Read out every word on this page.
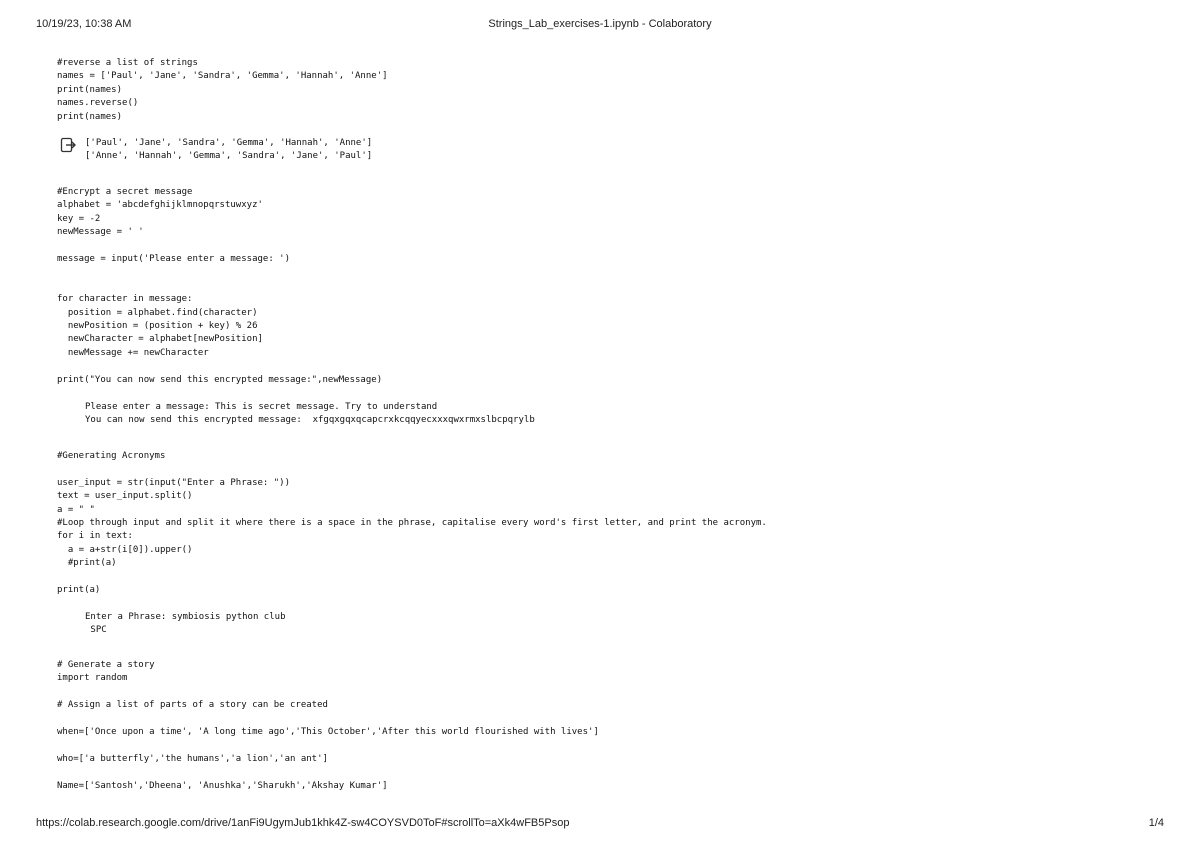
10/19/23, 10:38 AM	Strings_Lab_exercises-1.ipynb - Colaboratory
#reverse a list of strings
names = ['Paul', 'Jane', 'Sandra', 'Gemma', 'Hannah', 'Anne']
print(names)
names.reverse()
print(names)
['Paul', 'Jane', 'Sandra', 'Gemma', 'Hannah', 'Anne']
['Anne', 'Hannah', 'Gemma', 'Sandra', 'Jane', 'Paul']
#Encrypt a secret message
alphabet = 'abcdefghijklmnopqrstuwxyz'
key = -2
newMessage = ' '

message = input('Please enter a message: ')

for character in message:
position = alphabet.find(character)
newPosition = (position + key) % 26
newCharacter = alphabet[newPosition]
newMessage += newCharacter

print("You can now send this encrypted message:",newMessage)
Please enter a message: This is secret message. Try to understand
You can now send this encrypted message:  xfgqxgqxqcapcrxkcqqyecxxxqwxrmxslbcpqrylb
#Generating Acronyms

user_input = str(input("Enter a Phrase: "))
text = user_input.split()
a = " "
#Loop through input and split it where there is a space in the phrase, capitalise every word's first letter, and print the acronym.
for i in text:
a = a+str(i[0]).upper()
#print(a)

print(a)
Enter a Phrase: symbiosis python club
SPC
# Generate a story
import random

# Assign a list of parts of a story can be created

when=['Once upon a time', 'A long time ago','This October','After this world flourished with lives']

who=['a butterfly','the humans','a lion','an ant']

Name=['Santosh','Dheena', 'Anushka','Sharukh','Akshay Kumar']
https://colab.research.google.com/drive/1anFi9UgymJub1khk4Z-sw4COYSVD0ToF#scrollTo=aXk4wFB5Psop	1/4
